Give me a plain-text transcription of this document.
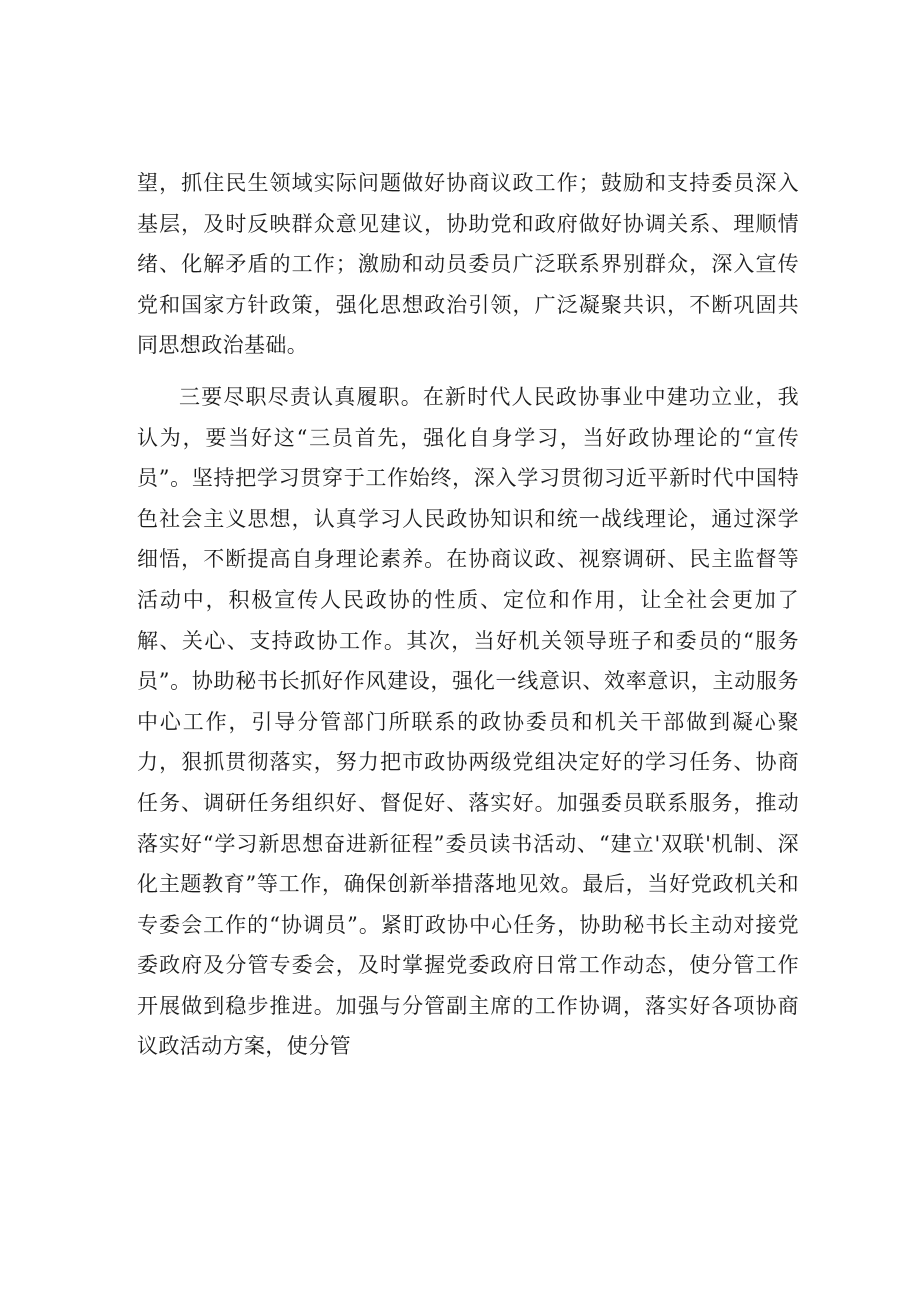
望，抓住民生领域实际问题做好协商议政工作；鼓励和支持委员深入基层，及时反映群众意见建议，协助党和政府做好协调关系、理顺情绪、化解矛盾的工作；激励和动员委员广泛联系界别群众，深入宣传党和国家方针政策，强化思想政治引领，广泛凝聚共识，不断巩固共同思想政治基础。

三要尽职尽责认真履职。在新时代人民政协事业中建功立业，我认为，要当好这“三员首先，强化自身学习，当好政协理论的“宣传员”。坚持把学习贯穿于工作始终，深入学习贯彻习近平新时代中国特色社会主义思想，认真学习人民政协知识和统一战线理论，通过深学细悟，不断提高自身理论素养。在协商议政、视察调研、民主监督等活动中，积极宣传人民政协的性质、定位和作用，让全社会更加了解、关心、支持政协工作。其次，当好机关领导班子和委员的“服务员”。协助秘书长抓好作风建设，强化一线意识、效率意识，主动服务中心工作，引导分管部门所联系的政协委员和机关干部做到凝心聚力，狠抓贯彻落实，努力把市政协两级党组决定好的学习任务、协商任务、调研任务组织好、督促好、落实好。加强委员联系服务，推动落实好“学习新思想奋进新征程”委员读书活动、“建立'双联'机制、深化主题教育”等工作，确保创新举措落地见效。最后，当好党政机关和专委会工作的“协调员”。紧盯政协中心任务，协助秘书长主动对接党委政府及分管专委会，及时掌握党委政府日常工作动态，使分管工作开展做到稳步推进。加强与分管副主席的工作协调，落实好各项协商议政活动方案，使分管
